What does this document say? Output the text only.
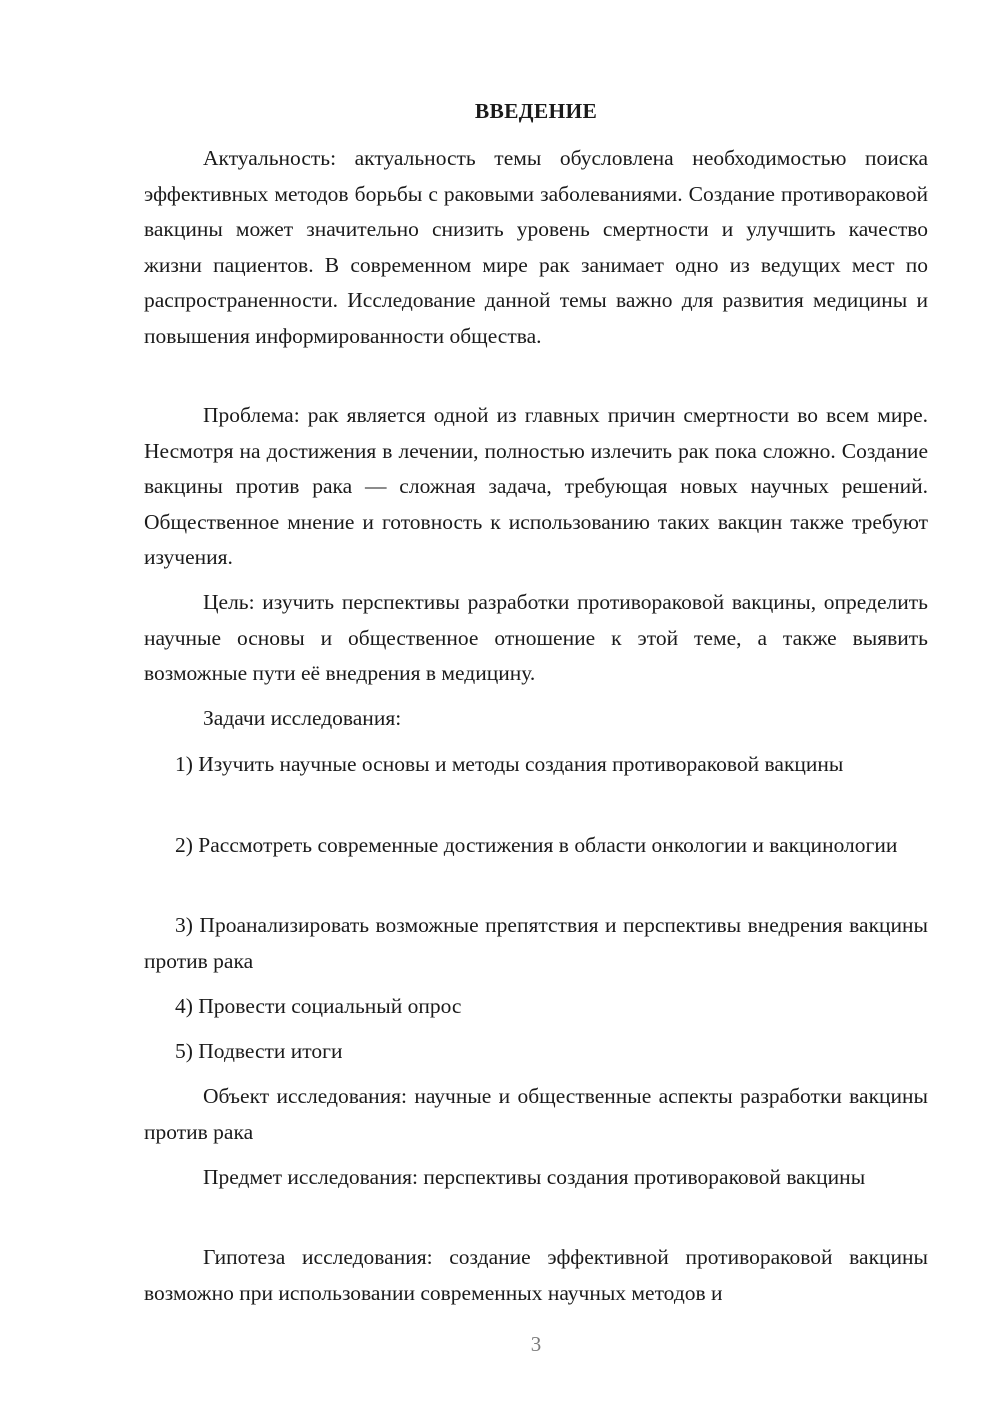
ВВЕДЕНИЕ

Актуальность: актуальность темы обусловлена необходимостью поиска эффективных методов борьбы с раковыми заболеваниями. Создание противораковой вакцины может значительно снизить уровень смертности и улучшить качество жизни пациентов. В современном мире рак занимает одно из ведущих мест по распространенности. Исследование данной темы важно для развития медицины и повышения информированности общества.

Проблема: рак является одной из главных причин смертности во всем мире. Несмотря на достижения в лечении, полностью излечить рак пока сложно. Создание вакцины против рака — сложная задача, требующая новых научных решений. Общественное мнение и готовность к использованию таких вакцин также требуют изучения.

Цель: изучить перспективы разработки противораковой вакцины, определить научные основы и общественное отношение к этой теме, а также выявить возможные пути её внедрения в медицину.

Задачи исследования:

1) Изучить научные основы и методы создания противораковой вакцины

2) Рассмотреть современные достижения в области онкологии и вакцинологии

3) Проанализировать возможные препятствия и перспективы внедрения вакцины против рака

4) Провести социальный опрос

5) Подвести итоги

Объект исследования: научные и общественные аспекты разработки вакцины против рака

Предмет исследования: перспективы создания противораковой вакцины

Гипотеза исследования: создание эффективной противораковой вакцины возможно при использовании современных научных методов и

3
